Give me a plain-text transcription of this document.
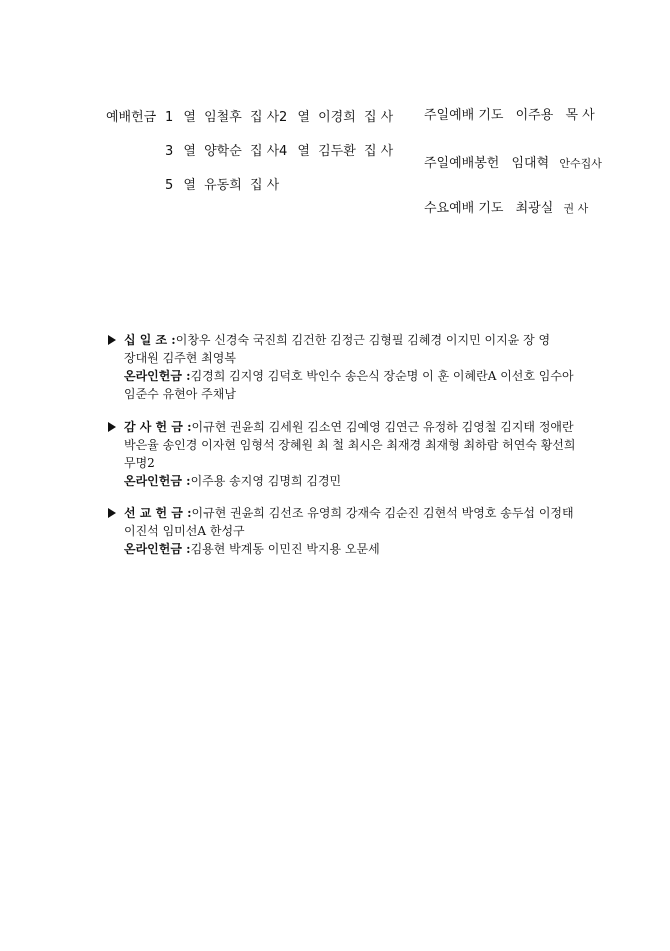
예배헌금 1 열 임철후 집 사 2 열 이경희 집 사
3 열 양학순 집 사 4 열 김두환 집 사
5 열 유동희 집 사
주일예배 기도 이주용 목 사
주일예배봉헌 임대혁 안수집사
수요예배 기도 최광실 권 사
십 일 조 :이창우 신경숙 국진희 김건한 김정근 김형필 김혜경 이지민 이지윤 장 영
장대원 김주현 최영복
온라인헌금 :김경희 김지영 김덕호 박인수 송은식 장순명 이 훈 이혜란A 이선호 임수아
임준수 유현아 주채남
감 사 헌 금 :이규현 권윤희 김세원 김소연 김예영 김연근 유정하 김영철 김지태 정애란
박은율 송인경 이자현 임형석 장혜원 최 철 최시은 최재경 최재형 최하람 허연숙 황선희
무명2
온라인헌금 :이주용 송지영 김명희 김경민
선 교 헌 금 :이규현 권윤희 김선조 유영희 강재숙 김순진 김현석 박영호 송두섭 이정태
이진석 임미선A 한성구
온라인헌금 :김용현 박계동 이민진 박지용 오문세
